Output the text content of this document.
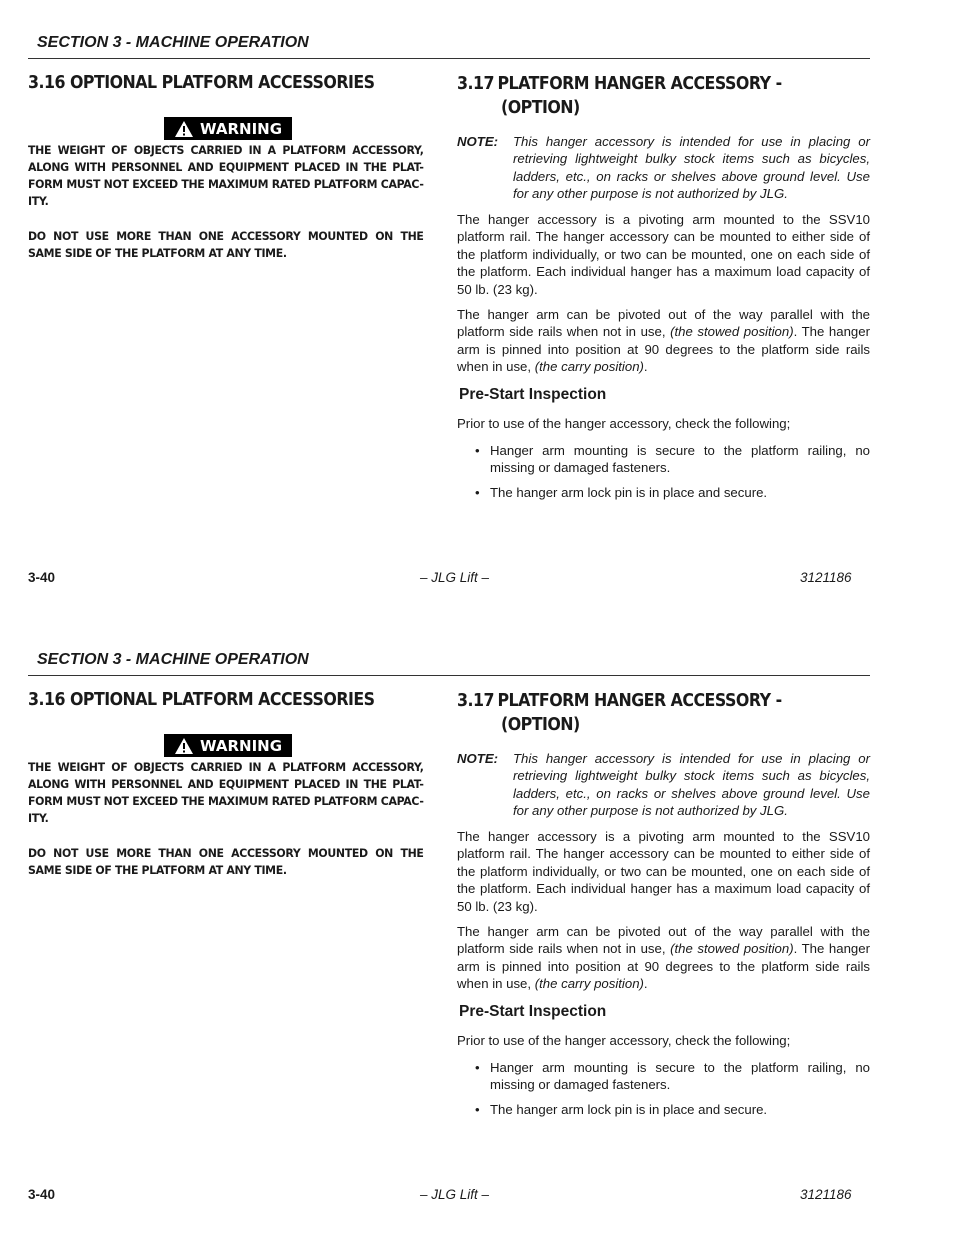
SECTION 3 - MACHINE OPERATION
3.16 OPTIONAL PLATFORM ACCESSORIES
WARNING
THE WEIGHT OF OBJECTS CARRIED IN A PLATFORM ACCESSORY, ALONG WITH PERSONNEL AND EQUIPMENT PLACED IN THE PLAT-FORM MUST NOT EXCEED THE MAXIMUM RATED PLATFORM CAPAC-ITY.
DO NOT USE MORE THAN ONE ACCESSORY MOUNTED ON THE SAME SIDE OF THE PLATFORM AT ANY TIME.
3.17 PLATFORM HANGER ACCESSORY -
(OPTION)
NOTE: This hanger accessory is intended for use in placing or retrieving lightweight bulky stock items such as bicycles, ladders, etc., on racks or shelves above ground level. Use for any other purpose is not authorized by JLG.
The hanger accessory is a pivoting arm mounted to the SSV10 platform rail. The hanger accessory can be mounted to either side of the platform individually, or two can be mounted, one on each side of the platform. Each individual hanger has a maximum load capacity of 50 lb. (23 kg).
The hanger arm can be pivoted out of the way parallel with the platform side rails when not in use, (the stowed position). The hanger arm is pinned into position at 90 degrees to the platform side rails when in use, (the carry position).
Pre-Start Inspection
Prior to use of the hanger accessory, check the following;
• Hanger arm mounting is secure to the platform railing, no missing or damaged fasteners.
• The hanger arm lock pin is in place and secure.
3-40	– JLG Lift –	3121186
SECTION 3 - MACHINE OPERATION
3.16 OPTIONAL PLATFORM ACCESSORIES
WARNING
THE WEIGHT OF OBJECTS CARRIED IN A PLATFORM ACCESSORY, ALONG WITH PERSONNEL AND EQUIPMENT PLACED IN THE PLAT-FORM MUST NOT EXCEED THE MAXIMUM RATED PLATFORM CAPAC-ITY.
DO NOT USE MORE THAN ONE ACCESSORY MOUNTED ON THE SAME SIDE OF THE PLATFORM AT ANY TIME.
3.17 PLATFORM HANGER ACCESSORY -
(OPTION)
NOTE: This hanger accessory is intended for use in placing or retrieving lightweight bulky stock items such as bicycles, ladders, etc., on racks or shelves above ground level. Use for any other purpose is not authorized by JLG.
The hanger accessory is a pivoting arm mounted to the SSV10 platform rail. The hanger accessory can be mounted to either side of the platform individually, or two can be mounted, one on each side of the platform. Each individual hanger has a maximum load capacity of 50 lb. (23 kg).
The hanger arm can be pivoted out of the way parallel with the platform side rails when not in use, (the stowed position). The hanger arm is pinned into position at 90 degrees to the platform side rails when in use, (the carry position).
Pre-Start Inspection
Prior to use of the hanger accessory, check the following;
• Hanger arm mounting is secure to the platform railing, no missing or damaged fasteners.
• The hanger arm lock pin is in place and secure.
3-40	– JLG Lift –	3121186
